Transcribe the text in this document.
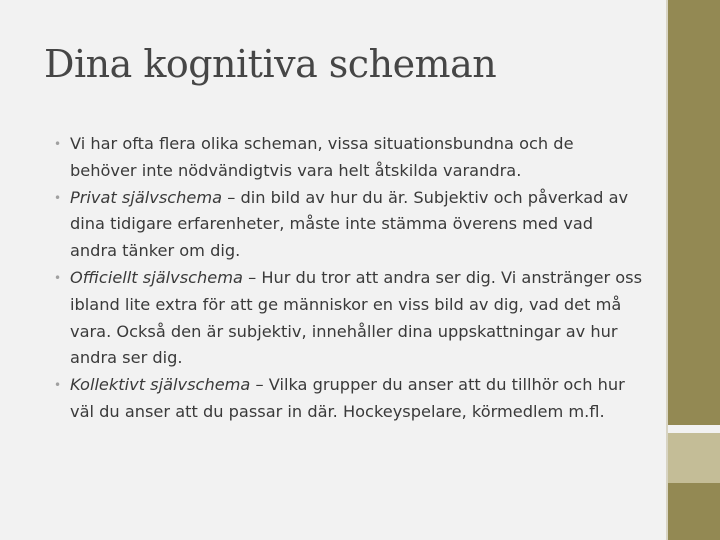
Dina kognitiva scheman
• Vi har ofta flera olika scheman, vissa situationsbundna och de behöver inte nödvändigtvis vara helt åtskilda varandra.
• Privat självschema – din bild av hur du är. Subjektiv och påverkad av dina tidigare erfarenheter, måste inte stämma överens med vad andra tänker om dig.
• Officiellt självschema – Hur du tror att andra ser dig. Vi anstränger oss ibland lite extra för att ge människor en viss bild av dig, vad det må vara. Också den är subjektiv, innehåller dina uppskattningar av hur andra ser dig.
• Kollektivt självschema – Vilka grupper du anser att du tillhör och hur väl du anser att du passar in där. Hockeyspelare, körmedlem m.fl.
